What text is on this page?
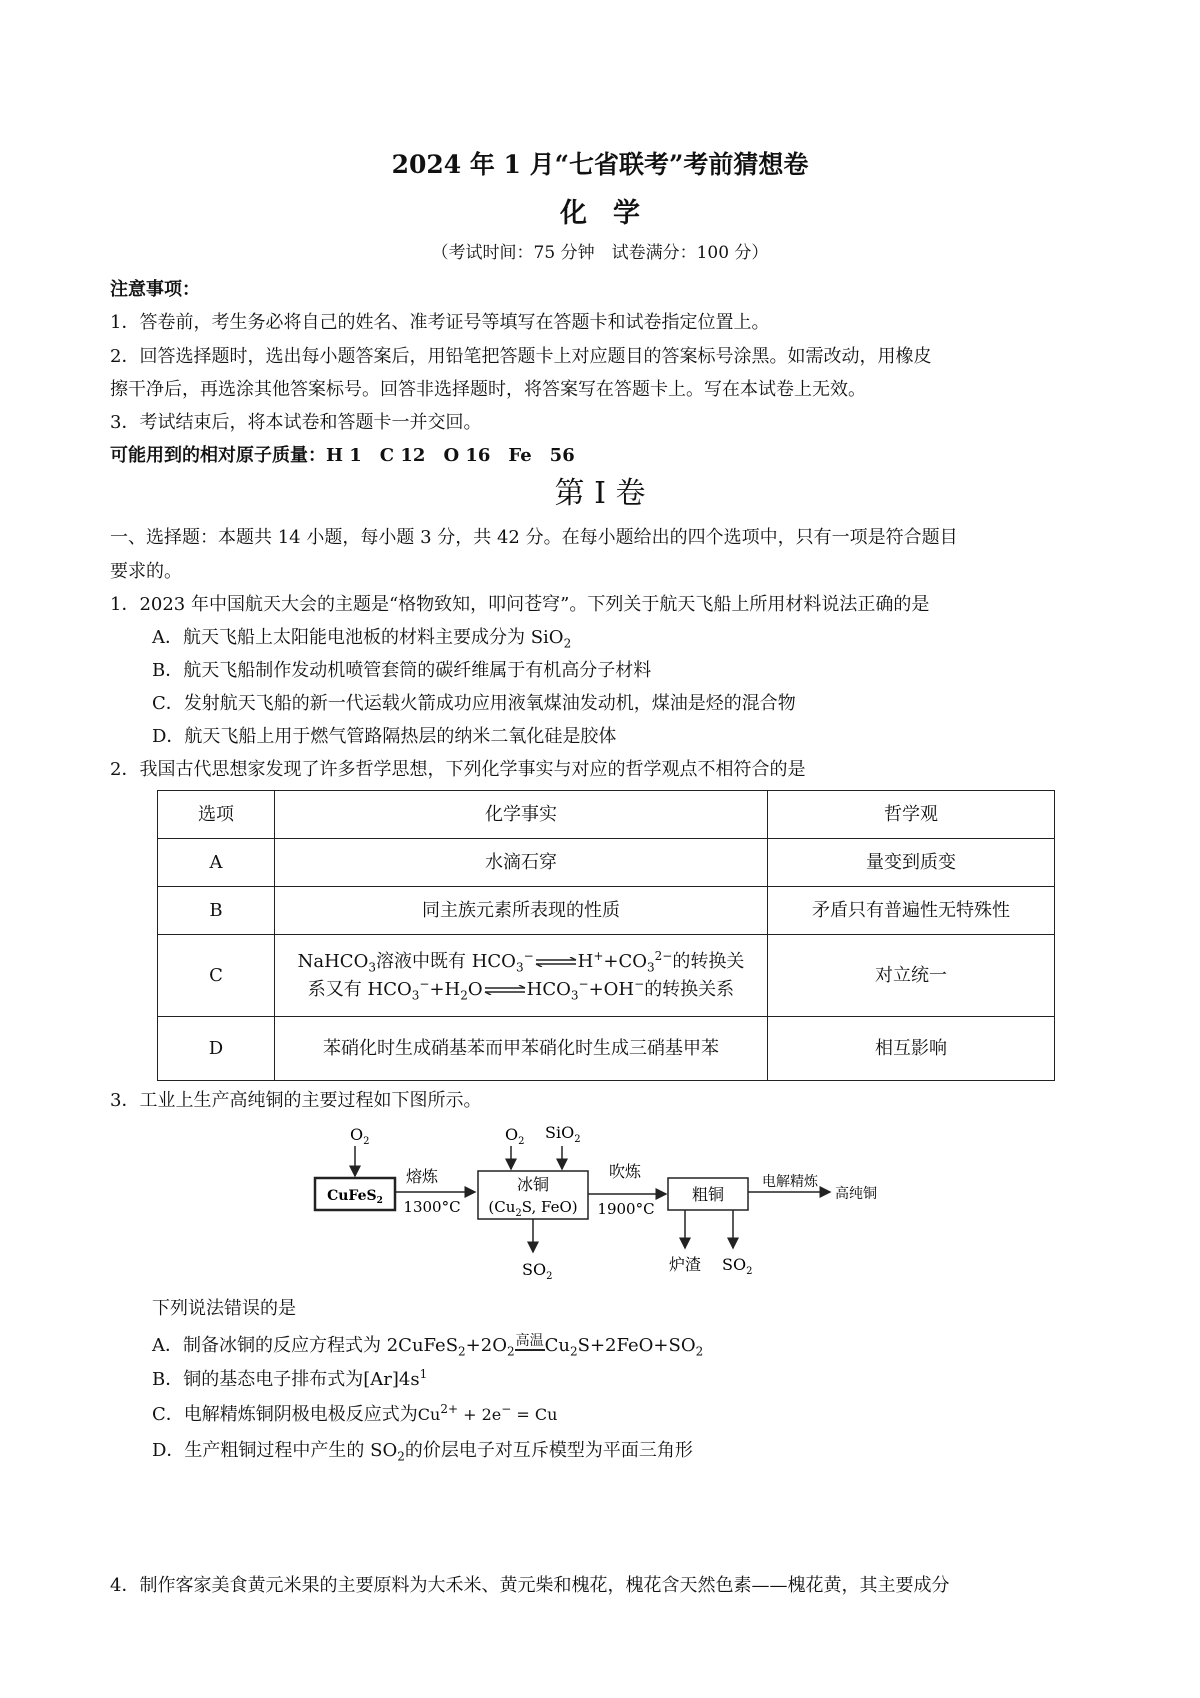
2024 年 1 月“七省联考”考前猜想卷
化学
（考试时间：75 分钟　试卷满分：100 分）
注意事项：
1．答卷前，考生务必将自己的姓名、准考证号等填写在答题卡和试卷指定位置上。
2．回答选择题时，选出每小题答案后，用铅笔把答题卡上对应题目的答案标号涂黑。如需改动，用橡皮
擦干净后，再选涂其他答案标号。回答非选择题时，将答案写在答题卡上。写在本试卷上无效。
3．考试结束后，将本试卷和答题卡一并交回。
可能用到的相对原子质量：H 1　C 12　O 16　Fe　56
第 I 卷
一、选择题：本题共 14 小题，每小题 3 分，共 42 分。在每小题给出的四个选项中，只有一项是符合题目
要求的。
1．2023 年中国航天大会的主题是“格物致知，叩问苍穹”。下列关于航天飞船上所用材料说法正确的是
A．航天飞船上太阳能电池板的材料主要成分为 SiO$_2$
B．航天飞船制作发动机喷管套筒的碳纤维属于有机高分子材料
C．发射航天飞船的新一代运载火箭成功应用液氧煤油发动机，煤油是烃的混合物
D．航天飞船上用于燃气管路隔热层的纳米二氧化硅是胶体
2．我国古代思想家发现了许多哲学思想，下列化学事实与对应的哲学观点不相符合的是
选项	化学事实	哲学观
A	水滴石穿	量变到质变
B	同主族元素所表现的性质	矛盾只有普遍性无特殊性
C	NaHCO$_3$溶液中既有 $HCO_3^-\rightleftharpoons H^++CO_3^{2-}$的转换关
系又有 $HCO_3^-+H_2O\rightleftharpoons HCO_3^-+OH^-$的转换关系	对立统一
D	苯硝化时生成硝基苯而甲苯硝化时生成三硝基甲苯	相互影响
3．工业上生产高纯铜的主要过程如下图所示。
$O_2$
CuFeS$_2$
熔炼
1300°C
$O_2$ SiO$_2$
冰铜
($Cu_2S$, FeO)
$SO_2$
吹炼
1900°C
粗铜
炉渣 $SO_2$
电解精炼
高纯铜
下列说法错误的是
A．制备冰铜的反应方程式为 $2CuFeS_2+2O_2$高温$Cu_2S+2FeO+SO_2$
B．铜的基态电子排布式为$[Ar]4s^1$
C．电解精炼铜阴极电极反应式为$Cu^{2+} + 2e^- = Cu$
D．生产粗铜过程中产生的 $SO_2$的价层电子对互斥模型为平面三角形
4．制作客家美食黄元米果的主要原料为大禾米、黄元柴和槐花，槐花含天然色素——槐花黄，其主要成分
